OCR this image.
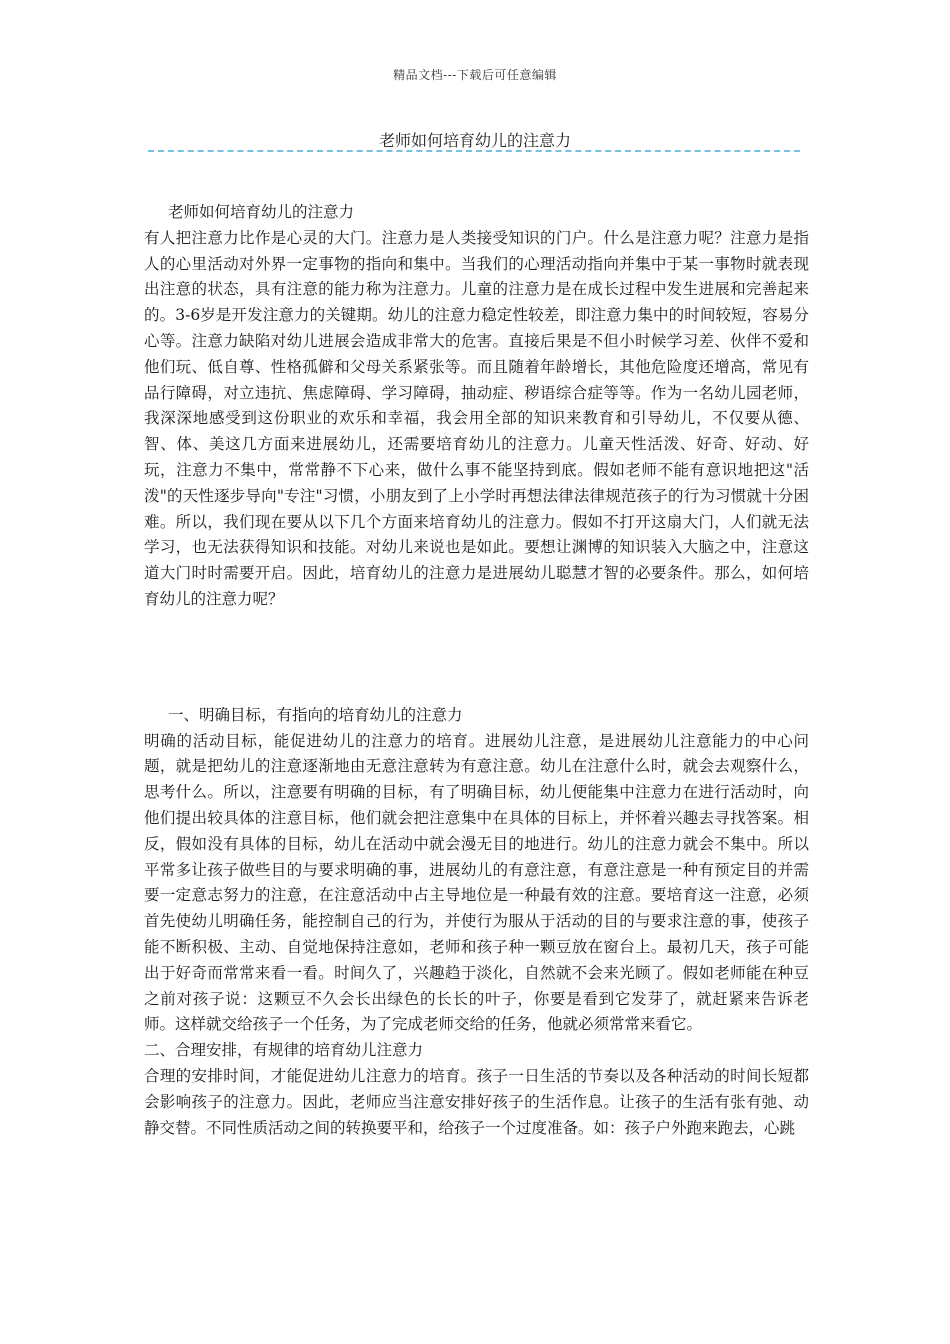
精品文档---下载后可任意编辑
老师如何培育幼儿的注意力

老师如何培育幼儿的注意力

有人把注意力比作是心灵的大门。注意力是人类接受知识的门户。什么是注意力呢？注意力是指人的心里活动对外界一定事物的指向和集中。当我们的心理活动指向并集中于某一事物时就表现出注意的状态，具有注意的能力称为注意力。儿童的注意力是在成长过程中发生进展和完善起来的。3-6岁是开发注意力的关键期。幼儿的注意力稳定性较差，即注意力集中的时间较短，容易分心等。注意力缺陷对幼儿进展会造成非常大的危害。直接后果是不但小时候学习差、伙伴不爱和他们玩、低自尊、性格孤僻和父母关系紧张等。而且随着年龄增长，其他危险度还增高，常见有品行障碍，对立违抗、焦虑障碍、学习障碍，抽动症、秽语综合症等等。作为一名幼儿园老师，我深深地感受到这份职业的欢乐和幸福，我会用全部的知识来教育和引导幼儿，不仅要从德、智、体、美这几方面来进展幼儿，还需要培育幼儿的注意力。儿童天性活泼、好奇、好动、好玩，注意力不集中，常常静不下心来，做什么事不能坚持到底。假如老师不能有意识地把这"活泼"的天性逐步导向"专注"习惯，小朋友到了上小学时再想法律法律规范孩子的行为习惯就十分困难。所以，我们现在要从以下几个方面来培育幼儿的注意力。假如不打开这扇大门，人们就无法学习，也无法获得知识和技能。对幼儿来说也是如此。要想让渊博的知识装入大脑之中，注意这道大门时时需要开启。因此，培育幼儿的注意力是进展幼儿聪慧才智的必要条件。那么，如何培育幼儿的注意力呢？

一、明确目标，有指向的培育幼儿的注意力

明确的活动目标，能促进幼儿的注意力的培育。进展幼儿注意，是进展幼儿注意能力的中心问题，就是把幼儿的注意逐渐地由无意注意转为有意注意。幼儿在注意什么时，就会去观察什么，思考什么。所以，注意要有明确的目标，有了明确目标，幼儿便能集中注意力在进行活动时，向他们提出较具体的注意目标，他们就会把注意集中在具体的目标上，并怀着兴趣去寻找答案。相反，假如没有具体的目标，幼儿在活动中就会漫无目的地进行。幼儿的注意力就会不集中。所以平常多让孩子做些目的与要求明确的事，进展幼儿的有意注意，有意注意是一种有预定目的并需要一定意志努力的注意，在注意活动中占主导地位是一种最有效的注意。要培育这一注意，必须首先使幼儿明确任务，能控制自己的行为，并使行为服从于活动的目的与要求注意的事，使孩子能不断积极、主动、自觉地保持注意如，老师和孩子种一颗豆放在窗台上。最初几天，孩子可能出于好奇而常常来看一看。时间久了，兴趣趋于淡化，自然就不会来光顾了。假如老师能在种豆之前对孩子说：这颗豆不久会长出绿色的长长的叶子，你要是看到它发芽了，就赶紧来告诉老师。这样就交给孩子一个任务，为了完成老师交给的任务，他就必须常常来看它。

二、合理安排，有规律的培育幼儿注意力

合理的安排时间，才能促进幼儿注意力的培育。孩子一日生活的节奏以及各种活动的时间长短都会影响孩子的注意力。因此，老师应当注意安排好孩子的生活作息。让孩子的生活有张有弛、动静交替。不同性质活动之间的转换要平和，给孩子一个过度准备。如：孩子户外跑来跑去，心跳
